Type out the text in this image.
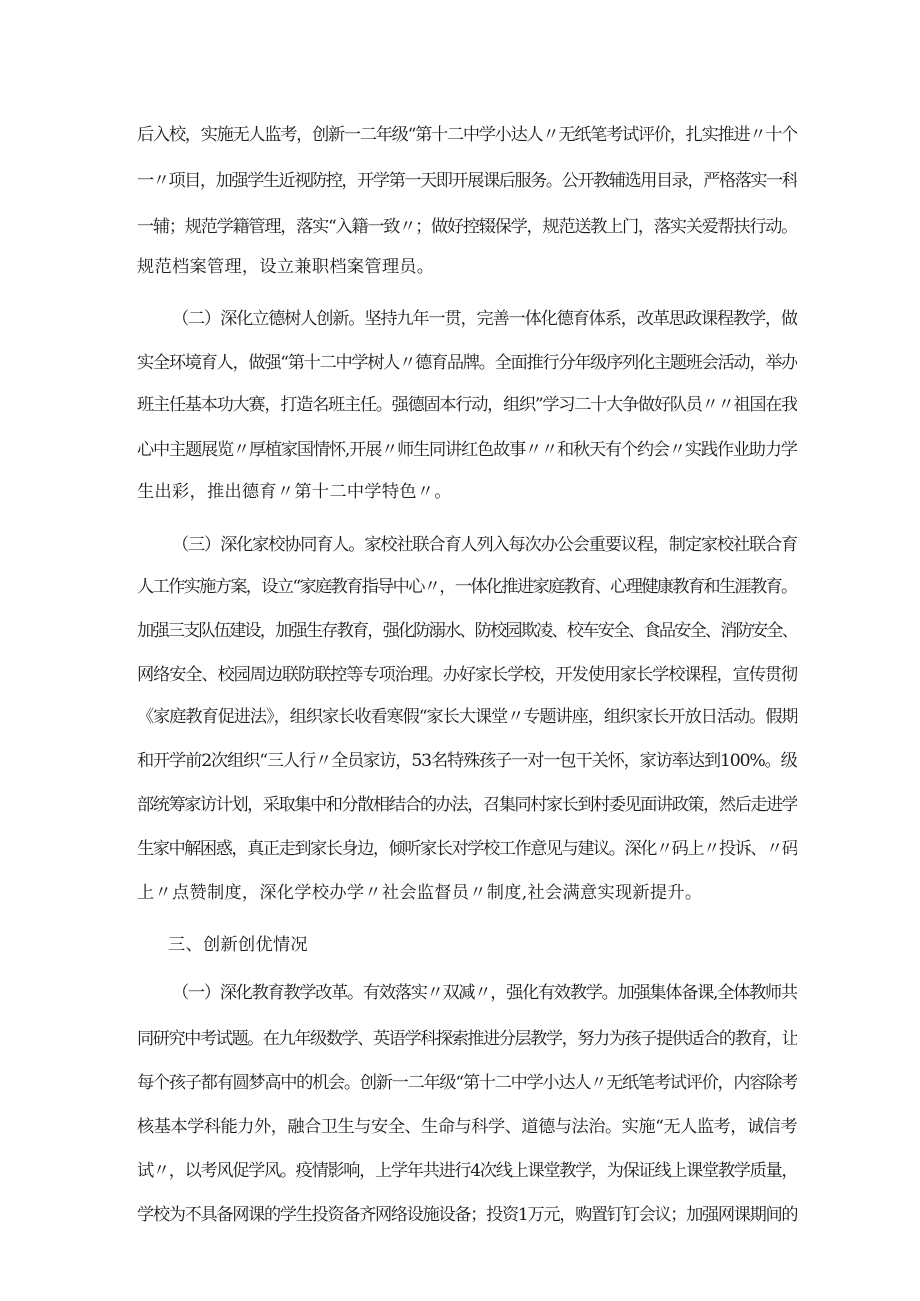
后入校，实施无人监考，创新一二年级“第十二中学小达人〃无纸笔考试评价，扎实推进〃十个
一〃项目，加强学生近视防控，开学第一天即开展课后服务。公开教辅选用目录，严格落实一科
一辅；规范学籍管理，落实“入籍一致〃；做好控辍保学，规范送教上门，落实关爱帮扶行动。
规范档案管理，设立兼职档案管理员。
（二）深化立德树人创新。坚持九年一贯，完善一体化德育体系，改革思政课程教学，做
实全环境育人，做强“第十二中学树人〃德育品牌。全面推行分年级序列化主题班会活动，举办
班主任基本功大赛，打造名班主任。强德固本行动，组织”学习二十大争做好队员〃〃祖国在我
心中主题展览〃厚植家国情怀,开展〃师生同讲红色故事〃〃和秋天有个约会〃实践作业助力学
生出彩，推出德育〃第十二中学特色〃。
（三）深化家校协同育人。家校社联合育人列入每次办公会重要议程，制定家校社联合育
人工作实施方案，设立“家庭教育指导中心〃，一体化推进家庭教育、心理健康教育和生涯教育。
加强三支队伍建设，加强生存教育，强化防溺水、防校园欺凌、校车安全、食品安全、消防安全、
网络安全、校园周边联防联控等专项治理。办好家长学校，开发使用家长学校课程，宣传贯彻
《家庭教育促进法》，组织家长收看寒假“家长大课堂〃专题讲座，组织家长开放日活动。假期
和开学前2次组织“三人行〃全员家访，53名特殊孩子一对一包干关怀，家访率达到100%。级
部统筹家访计划，采取集中和分散相结合的办法，召集同村家长到村委见面讲政策，然后走进学
生家中解困惑，真正走到家长身边，倾听家长对学校工作意见与建议。深化〃码上〃投诉、〃码
上〃点赞制度，深化学校办学〃社会监督员〃制度,社会满意实现新提升。
三、创新创优情况
（一）深化教育教学改革。有效落实〃双减〃，强化有效教学。加强集体备课,全体教师共
同研究中考试题。在九年级数学、英语学科探索推进分层教学，努力为孩子提供适合的教育，让
每个孩子都有圆梦高中的机会。创新一二年级“第十二中学小达人〃无纸笔考试评价，内容除考
核基本学科能力外，融合卫生与安全、生命与科学、道德与法治。实施“无人监考，诚信考
试〃，以考风促学风。疫情影响，上学年共进行4次线上课堂教学，为保证线上课堂教学质量，
学校为不具备网课的学生投资备齐网络设施设备；投资1万元，购置钉钉会议；加强网课期间的
